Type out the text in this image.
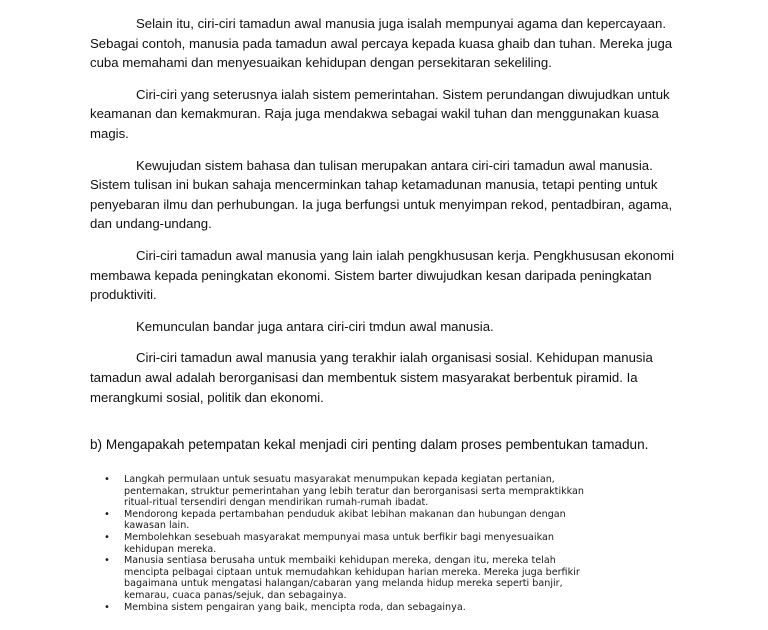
Selain itu, ciri-ciri tamadun awal manusia juga isalah mempunyai agama dan kepercayaan. Sebagai contoh, manusia pada tamadun awal percaya kepada kuasa ghaib dan tuhan. Mereka juga cuba memahami dan menyesuaikan kehidupan dengan persekitaran sekeliling.

Ciri-ciri yang seterusnya ialah sistem pemerintahan. Sistem perundangan diwujudkan untuk keamanan dan kemakmuran. Raja juga mendakwa sebagai wakil tuhan dan menggunakan kuasa magis.

Kewujudan sistem bahasa dan tulisan merupakan antara ciri-ciri tamadun awal manusia. Sistem tulisan ini bukan sahaja mencerminkan tahap ketamadunan manusia, tetapi penting untuk penyebaran ilmu dan perhubungan. Ia juga berfungsi untuk menyimpan rekod, pentadbiran, agama, dan undang-undang.

Ciri-ciri tamadun awal manusia yang lain ialah pengkhususan kerja. Pengkhususan ekonomi membawa kepada peningkatan ekonomi. Sistem barter diwujudkan kesan daripada peningkatan produktiviti.

Kemunculan bandar juga antara ciri-ciri tmdun awal manusia.

Ciri-ciri tamadun awal manusia yang terakhir ialah organisasi sosial. Kehidupan manusia tamadun awal adalah berorganisasi dan membentuk sistem masyarakat berbentuk piramid. Ia merangkumi sosial, politik dan ekonomi.

b) Mengapakah petempatan kekal menjadi ciri penting dalam proses pembentukan tamadun.

• Langkah permulaan untuk sesuatu masyarakat menumpukan kepada kegiatan pertanian, penternakan, struktur pemerintahan yang lebih teratur dan berorganisasi serta mempraktikkan ritual-ritual tersendiri dengan mendirikan rumah-rumah ibadat.
• Mendorong kepada pertambahan penduduk akibat lebihan makanan dan hubungan dengan kawasan lain.
• Membolehkan sesebuah masyarakat mempunyai masa untuk berfikir bagi menyesuaikan kehidupan mereka.
• Manusia sentiasa berusaha untuk membaiki kehidupan mereka, dengan itu, mereka telah mencipta pelbagai ciptaan untuk memudahkan kehidupan harian mereka. Mereka juga berfikir bagaimana untuk mengatasi halangan/cabaran yang melanda hidup mereka seperti banjir, kemarau, cuaca panas/sejuk, dan sebagainya.
• Membina sistem pengairan yang baik, mencipta roda, dan sebagainya.
